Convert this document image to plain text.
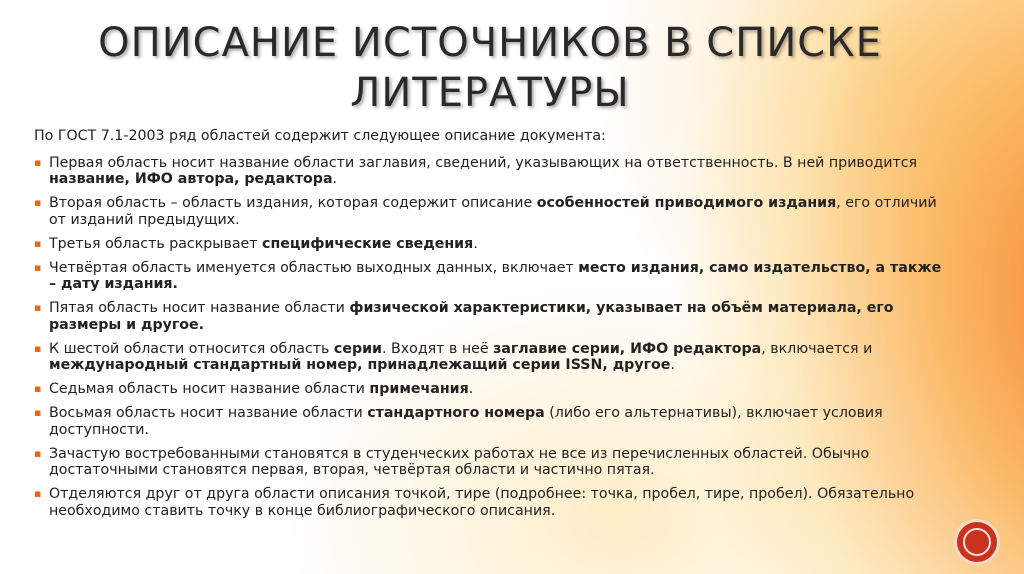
ОПИСАНИЕ ИСТОЧНИКОВ В СПИСКЕ
ЛИТЕРАТУРЫ

По ГОСТ 7.1-2003 ряд областей содержит следующее описание документа:

▪ Первая область носит название области заглавия, сведений, указывающих на ответственность. В ней приводится название, ИФО автора, редактора.
▪ Вторая область – область издания, которая содержит описание особенностей приводимого издания, его отличий от изданий предыдущих.
▪ Третья область раскрывает специфические сведения.
▪ Четвёртая область именуется областью выходных данных, включает место издания, само издательство, а также – дату издания.
▪ Пятая область носит название области физической характеристики, указывает на объём материала, его размеры и другое.
▪ К шестой области относится область серии. Входят в неё заглавие серии, ИФО редактора, включается и международный стандартный номер, принадлежащий серии ISSN, другое.
▪ Седьмая область носит название области примечания.
▪ Восьмая область носит название области стандартного номера (либо его альтернативы), включает условия доступности.
▪ Зачастую востребованными становятся в студенческих работах не все из перечисленных областей. Обычно достаточными становятся первая, вторая, четвёртая области и частично пятая.
▪ Отделяются друг от друга области описания точкой, тире (подробнее: точка, пробел, тире, пробел). Обязательно необходимо ставить точку в конце библиографического описания.
